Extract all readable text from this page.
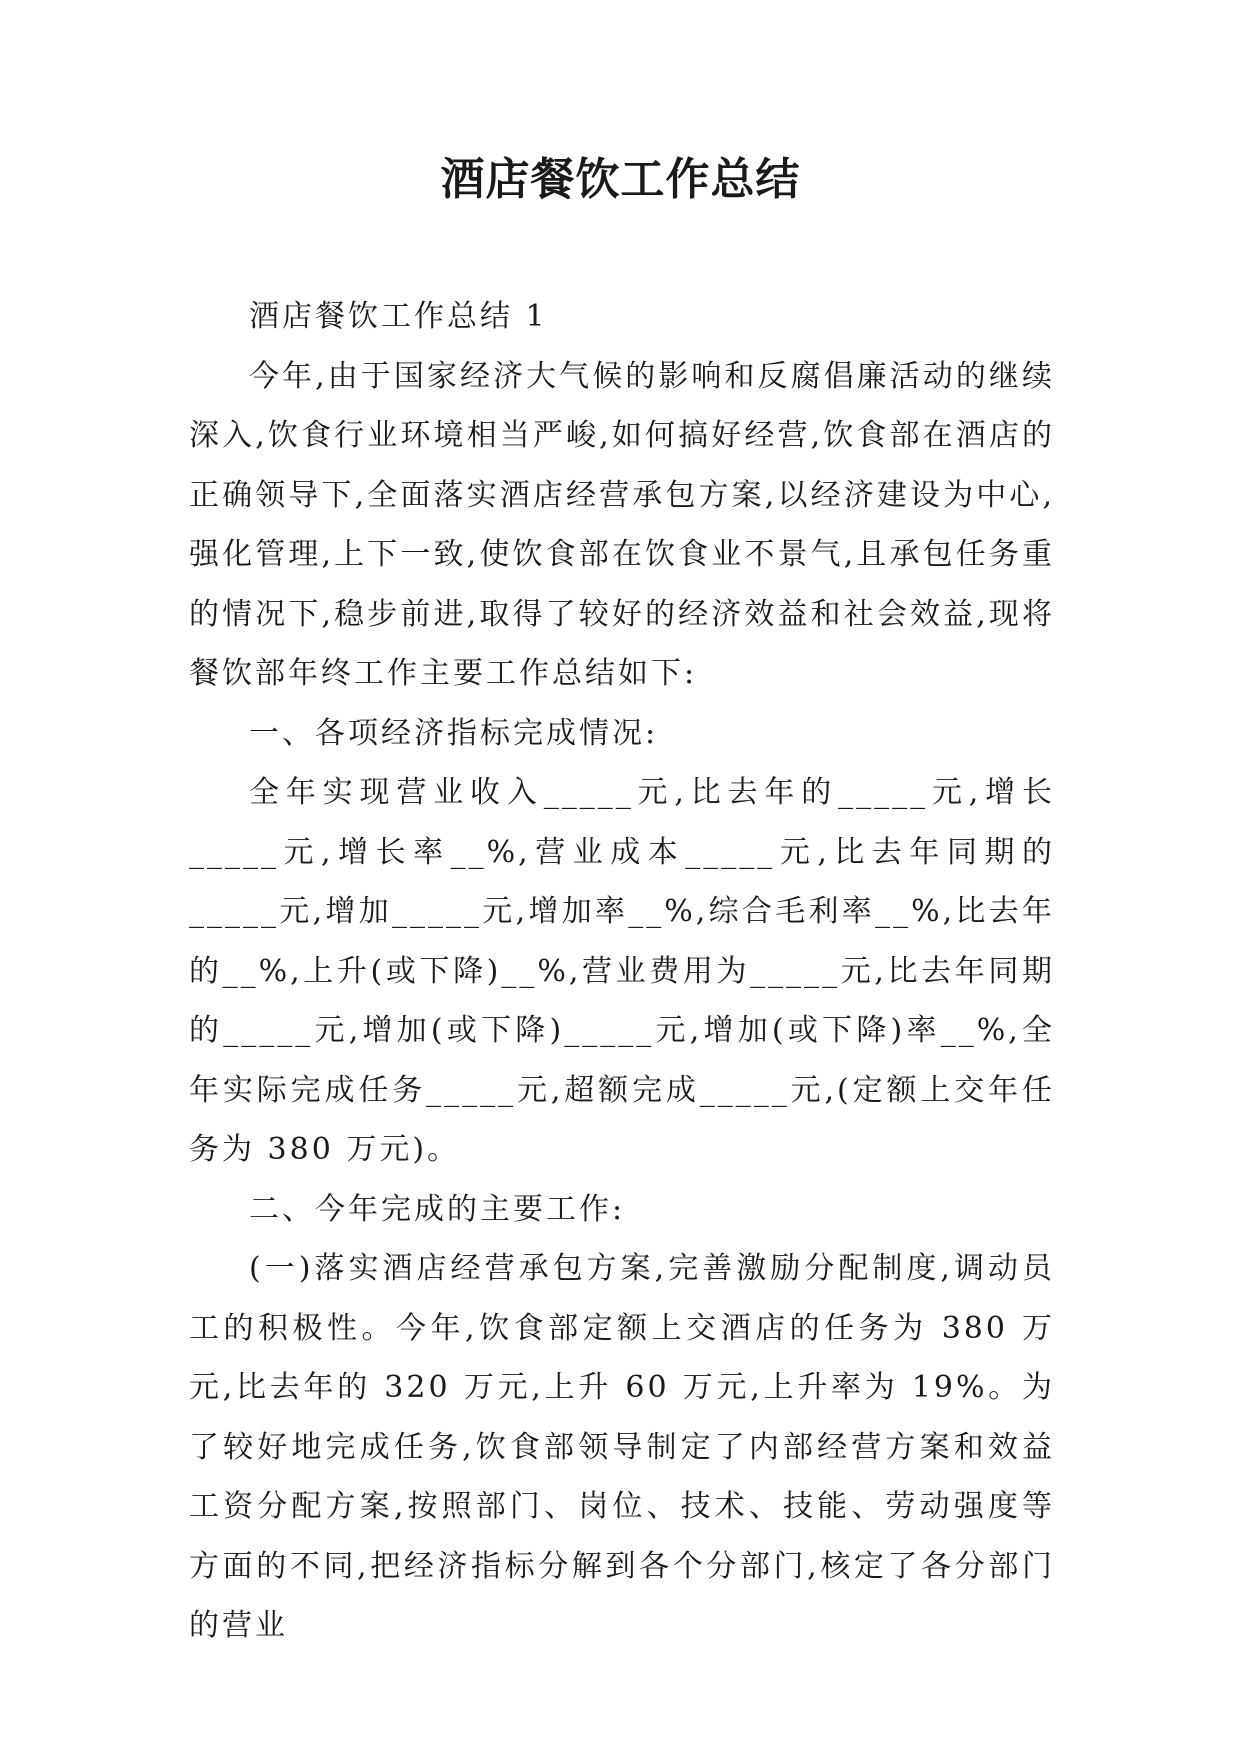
酒店餐饮工作总结

酒店餐饮工作总结 1

今年,由于国家经济大气候的影响和反腐倡廉活动的继续深入,饮食行业环境相当严峻,如何搞好经营,饮食部在酒店的正确领导下,全面落实酒店经营承包方案,以经济建设为中心,强化管理,上下一致,使饮食部在饮食业不景气,且承包任务重的情况下,稳步前进,取得了较好的经济效益和社会效益,现将餐饮部年终工作主要工作总结如下:

一、各项经济指标完成情况:

全年实现营业收入_____元,比去年的_____元,增长_____元,增长率__%,营业成本_____元,比去年同期的_____元,增加_____元,增加率__%,综合毛利率__%,比去年的__%,上升(或下降)__%,营业费用为_____元,比去年同期的_____元,增加(或下降)_____元,增加(或下降)率__%,全年实际完成任务_____元,超额完成_____元,(定额上交年任务为 380 万元)。

二、今年完成的主要工作:

(一)落实酒店经营承包方案,完善激励分配制度,调动员工的积极性。今年,饮食部定额上交酒店的任务为 380 万元,比去年的 320 万元,上升 60 万元,上升率为 19%。为了较好地完成任务,饮食部领导制定了内部经营方案和效益工资分配方案,按照部门、岗位、技术、技能、劳动强度等方面的不同,把经济指标分解到各个分部门,核定了各分部门的营业
